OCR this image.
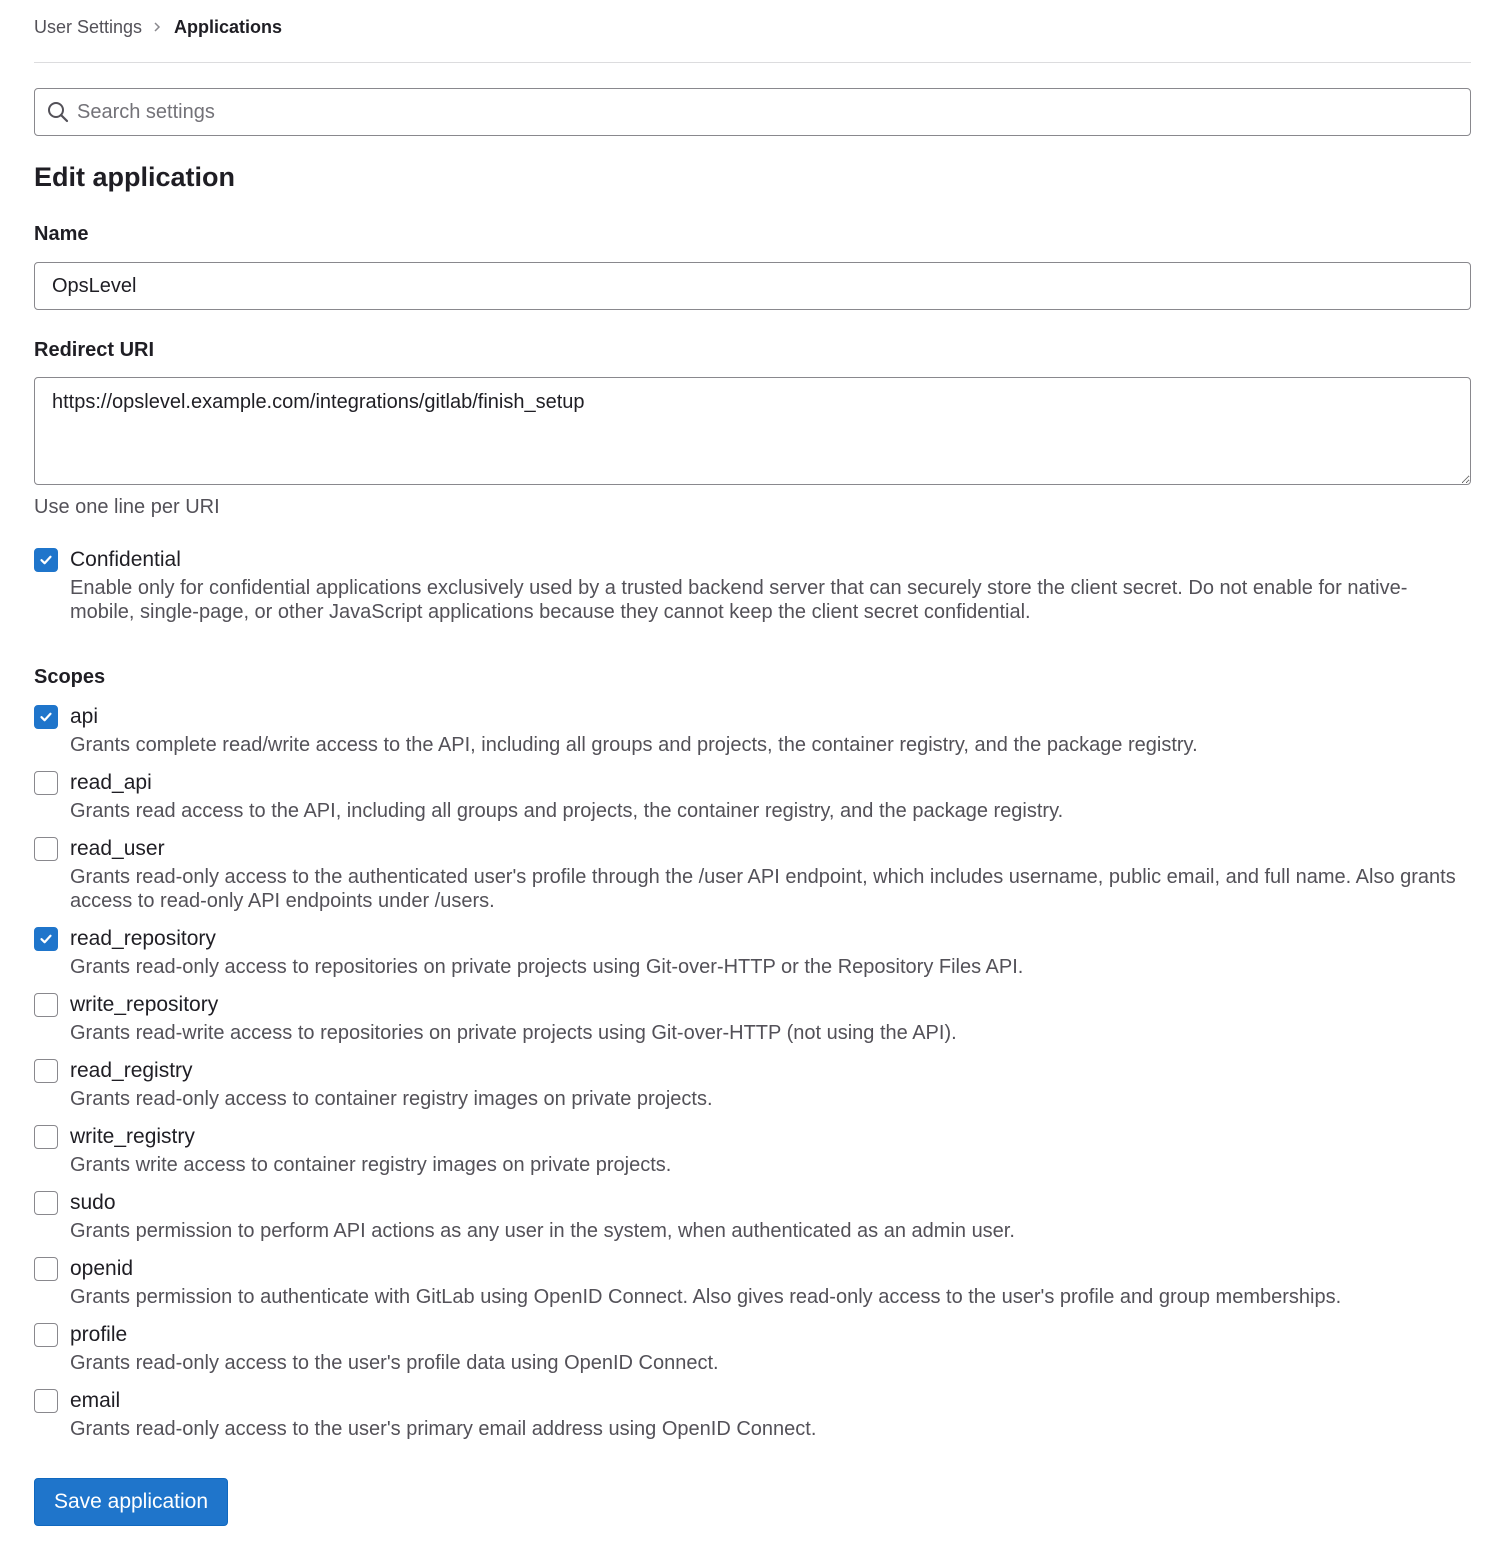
User Settings Applications
Search settings
Edit application
Name
OpsLevel
Redirect URI
https://opslevel.example.com/integrations/gitlab/finish_setup
Use one line per URI
Confidential
Enable only for confidential applications exclusively used by a trusted backend server that can securely store the client secret. Do not enable for native-mobile, single-page, or other JavaScript applications because they cannot keep the client secret confidential.
Scopes
api
Grants complete read/write access to the API, including all groups and projects, the container registry, and the package registry.
read_api
Grants read access to the API, including all groups and projects, the container registry, and the package registry.
read_user
Grants read-only access to the authenticated user's profile through the /user API endpoint, which includes username, public email, and full name. Also grants access to read-only API endpoints under /users.
read_repository
Grants read-only access to repositories on private projects using Git-over-HTTP or the Repository Files API.
write_repository
Grants read-write access to repositories on private projects using Git-over-HTTP (not using the API).
read_registry
Grants read-only access to container registry images on private projects.
write_registry
Grants write access to container registry images on private projects.
sudo
Grants permission to perform API actions as any user in the system, when authenticated as an admin user.
openid
Grants permission to authenticate with GitLab using OpenID Connect. Also gives read-only access to the user's profile and group memberships.
profile
Grants read-only access to the user's profile data using OpenID Connect.
email
Grants read-only access to the user's primary email address using OpenID Connect.
Save application
